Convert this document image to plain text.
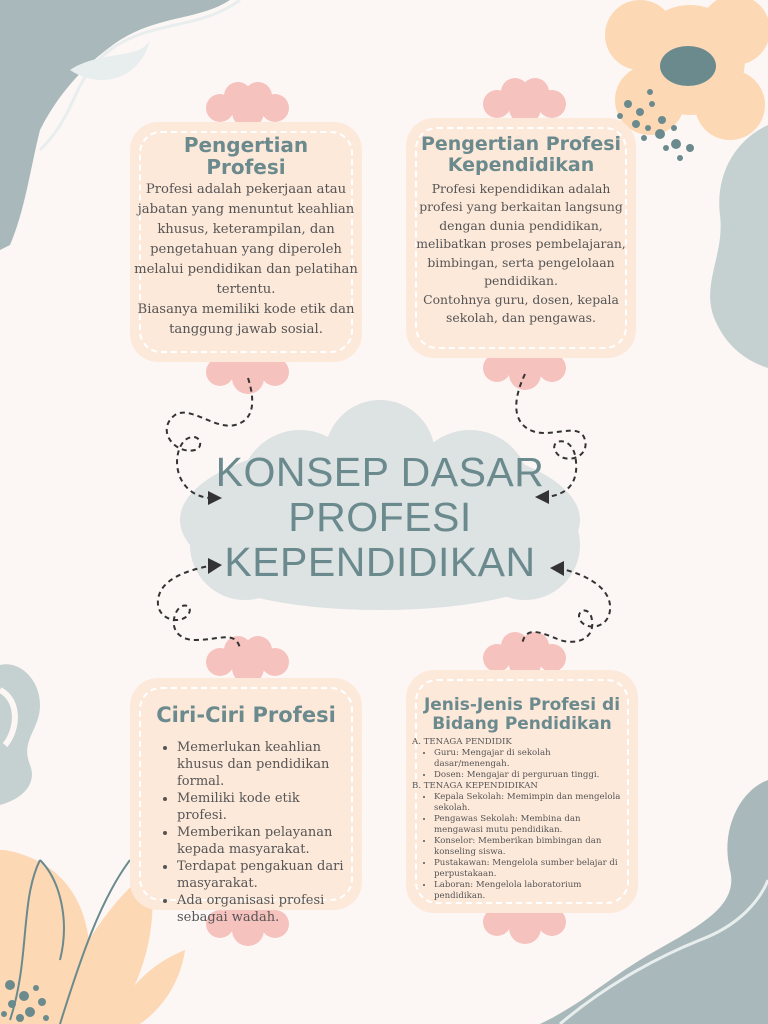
Pengertian
Profesi

Profesi adalah pekerjaan atau jabatan yang menuntut keahlian khusus, keterampilan, dan pengetahuan yang diperoleh melalui pendidikan dan pelatihan tertentu.

Biasanya memiliki kode etik dan tanggung jawab sosial.

Pengertian Profesi
Kependidikan

Profesi kependidikan adalah profesi yang berkaitan langsung dengan dunia pendidikan, melibatkan proses pembelajaran, bimbingan, serta pengelolaan pendidikan.

Contohnya guru, dosen, kepala sekolah, dan pengawas.

KONSEP DASAR
PROFESI
KEPENDIDIKAN
Ciri-Ciri Profesi
• Memerlukan keahlian khusus dan pendidikan formal.
• Memiliki kode etik profesi.
• Memberikan pelayanan kepada masyarakat.
• Terdapat pengakuan dari masyarakat.
• Ada organisasi profesi sebagai wadah.
Jenis-Jenis Profesi di
Bidang Pendidikan
A. TENAGA PENDIDIK
• Guru: Mengajar di sekolah dasar/menengah.
• Dosen: Mengajar di perguruan tinggi.
B. TENAGA KEPENDIDIKAN
• Kepala Sekolah: Memimpin dan mengelola sekolah.
• Pengawas Sekolah: Membina dan mengawasi mutu pendidikan.
• Konselor: Memberikan bimbingan dan konseling siswa.
• Pustakawan: Mengelola sumber belajar di perpustakaan.
• Laboran: Mengelola laboratorium pendidikan.
